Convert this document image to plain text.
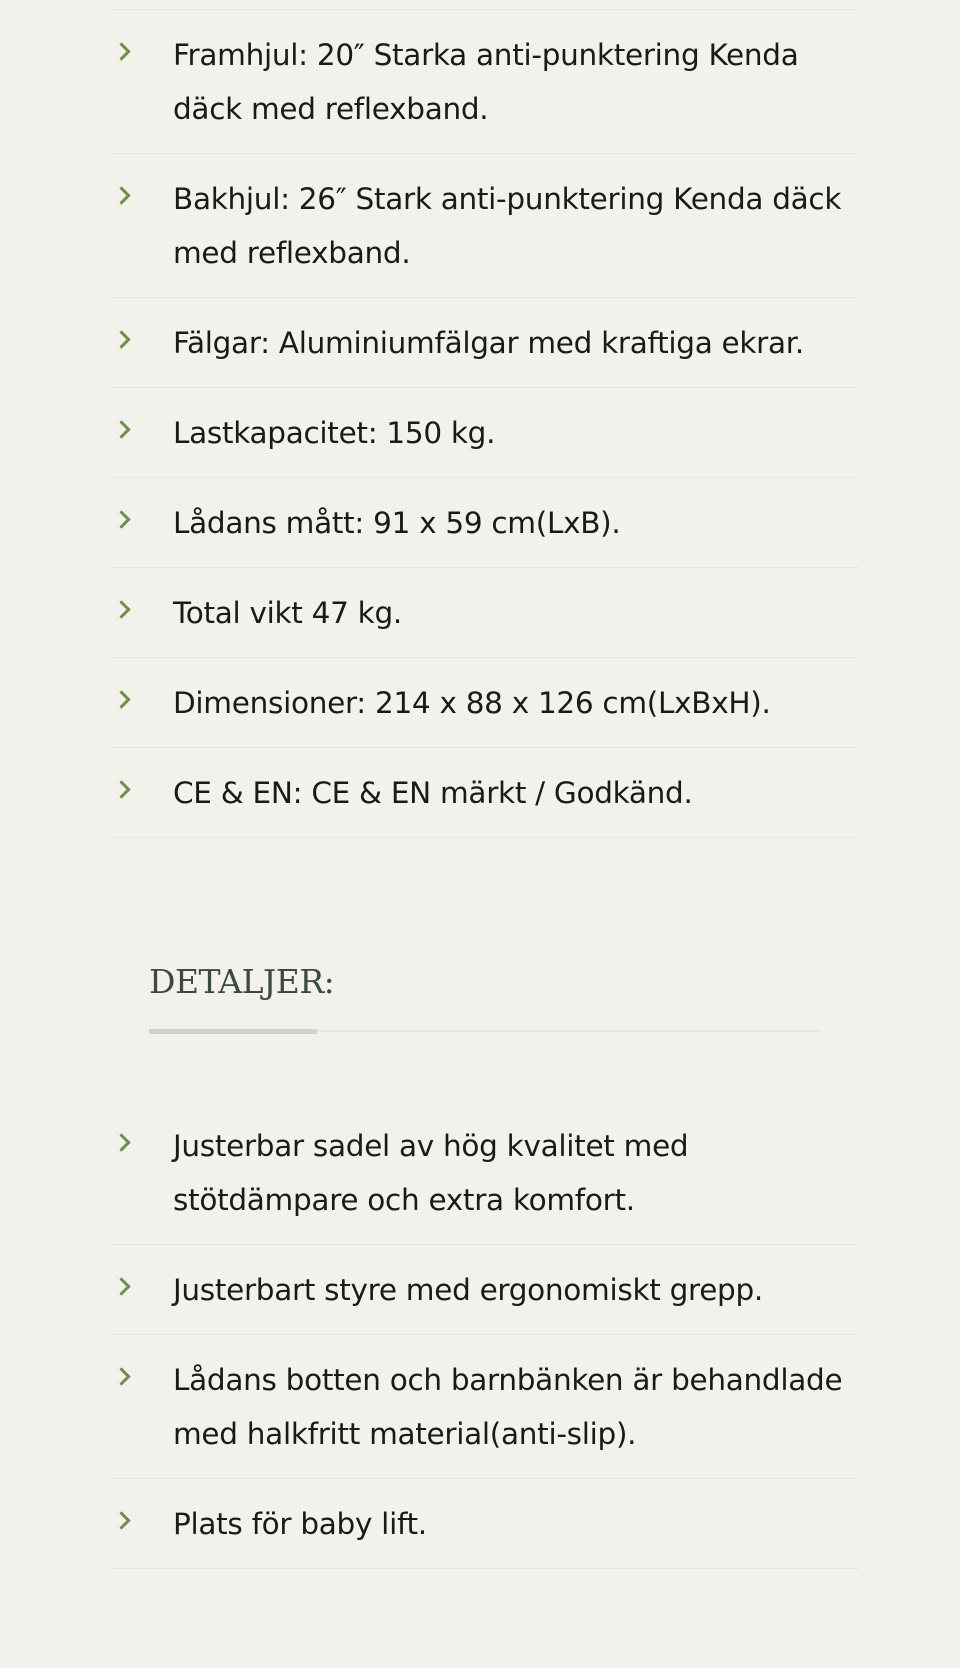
Framhjul: 20″ Starka anti-punktering Kenda däck med reflexband.
Bakhjul: 26″ Stark anti-punktering Kenda däck med reflexband.
Fälgar: Aluminiumfälgar med kraftiga ekrar.
Lastkapacitet: 150 kg.
Lådans mått: 91 x 59 cm(LxB).
Total vikt 47 kg.
Dimensioner: 214 x 88 x 126 cm(LxBxH).
CE & EN: CE & EN märkt / Godkänd.
DETALJER:
Justerbar sadel av hög kvalitet med stötdämpare och extra komfort.
Justerbart styre med ergonomiskt grepp.
Lådans botten och barnbänken är behandlade med halkfritt material(anti-slip).
Plats för baby lift.
